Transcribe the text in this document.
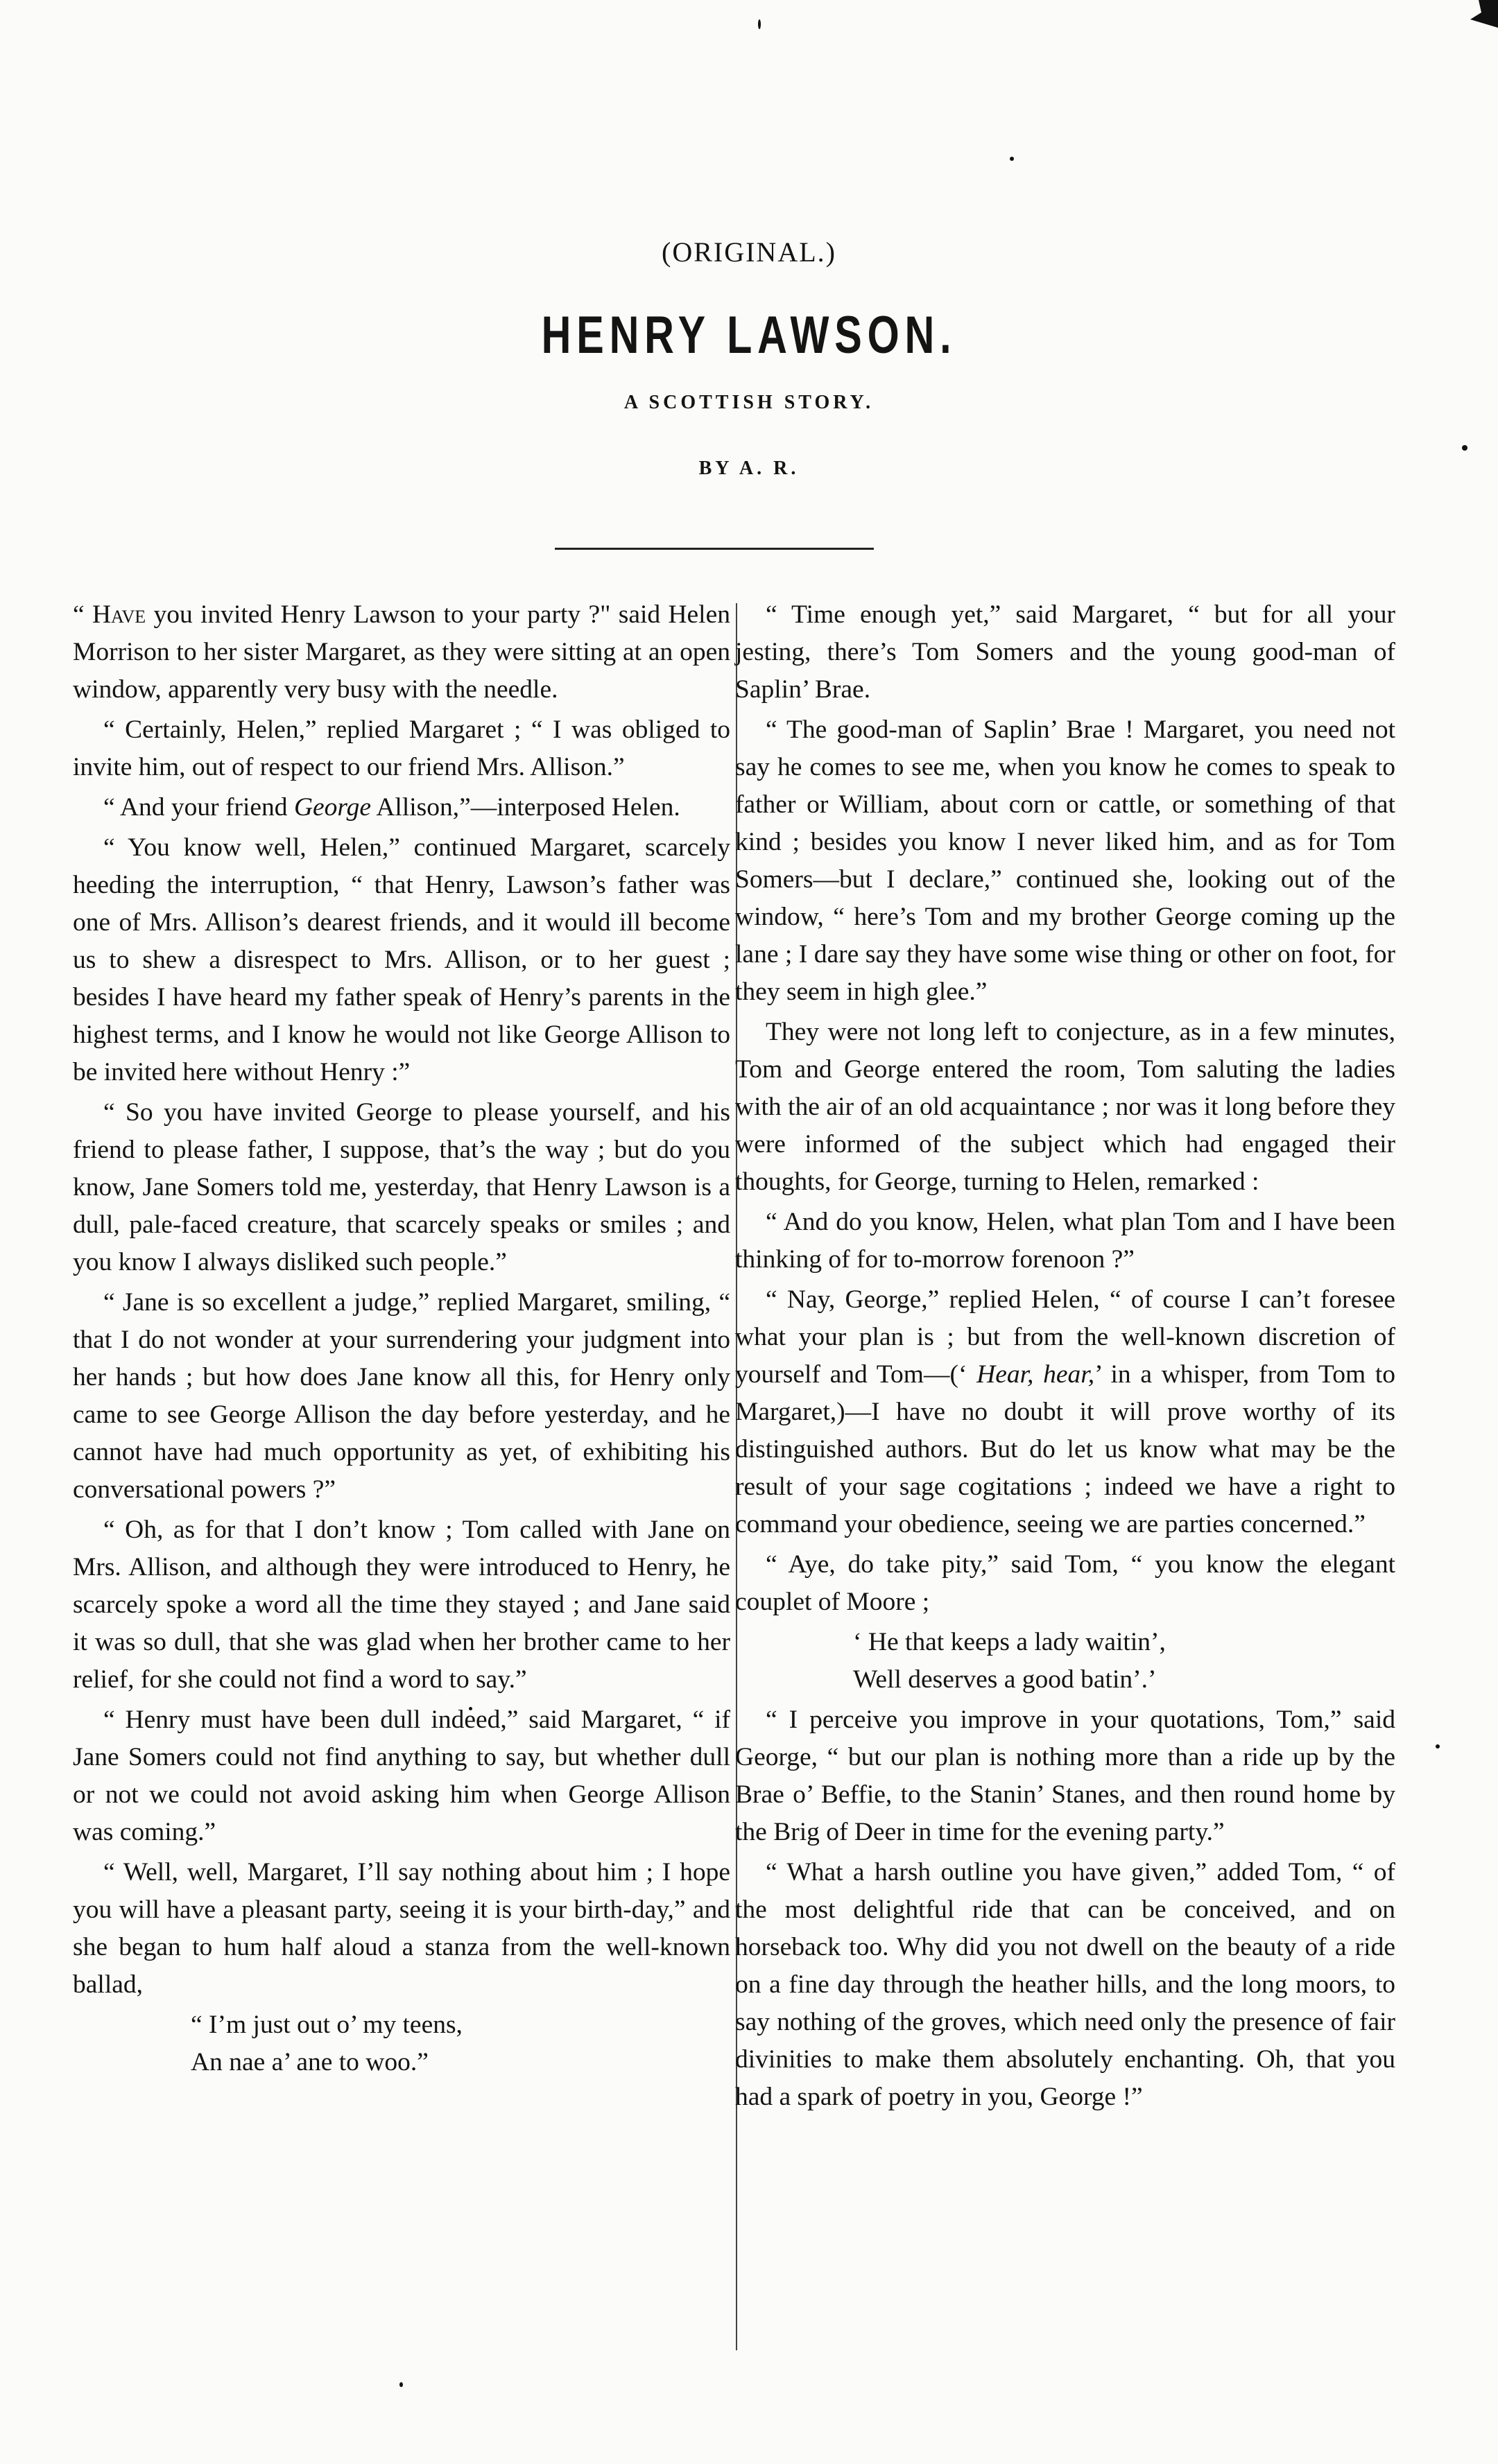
(ORIGINAL.)
HENRY LAWSON.
A SCOTTISH STORY.
BY A. R.

“ Have you invited Henry Lawson to your party ?" said Helen Morrison to her sister Margaret, as they were sitting at an open window, apparently very busy with the needle.

“ Certainly, Helen,” replied Margaret ; “ I was obliged to invite him, out of respect to our friend Mrs. Allison.”

“ And your friend George Allison,”—interposed Helen.

“ You know well, Helen,” continued Margaret, scarcely heeding the interruption, “ that Henry, Lawson’s father was one of Mrs. Allison’s dearest friends, and it would ill become us to shew a disrespect to Mrs. Allison, or to her guest ; besides I have heard my father speak of Henry’s parents in the highest terms, and I know he would not like George Allison to be invited here without Henry :”

“ So you have invited George to please yourself, and his friend to please father, I suppose, that’s the way ; but do you know, Jane Somers told me, yesterday, that Henry Lawson is a dull, pale-faced creature, that scarcely speaks or smiles ; and you know I always disliked such people.”

“ Jane is so excellent a judge,” replied Margaret, smiling, “ that I do not wonder at your surrendering your judgment into her hands ; but how does Jane know all this, for Henry only came to see George Allison the day before yesterday, and he cannot have had much opportunity as yet, of exhibiting his conversational powers ?”

“ Oh, as for that I don’t know ; Tom called with Jane on Mrs. Allison, and although they were introduced to Henry, he scarcely spoke a word all the time they stayed ; and Jane said it was so dull, that she was glad when her brother came to her relief, for she could not find a word to say.”

“ Henry must have been dull indeed,” said Margaret, “ if Jane Somers could not find anything to say, but whether dull or not we could not avoid asking him when George Allison was coming.”

“ Well, well, Margaret, I’ll say nothing about him ; I hope you will have a pleasant party, seeing it is your birth-day,” and she began to hum half aloud a stanza from the well-known ballad,

“ I’m just out o’ my teens,
An nae a’ ane to woo.”

“ Time enough yet,” said Margaret, “ but for all your jesting, there’s Tom Somers and the young good-man of Saplin’ Brae.

“ The good-man of Saplin’ Brae ! Margaret, you need not say he comes to see me, when you know he comes to speak to father or William, about corn or cattle, or something of that kind ; besides you know I never liked him, and as for Tom Somers—but I declare,” continued she, looking out of the window, “ here’s Tom and my brother George coming up the lane ; I dare say they have some wise thing or other on foot, for they seem in high glee.”

They were not long left to conjecture, as in a few minutes, Tom and George entered the room, Tom saluting the ladies with the air of an old acquaintance ; nor was it long before they were informed of the subject which had engaged their thoughts, for George, turning to Helen, remarked :

“ And do you know, Helen, what plan Tom and I have been thinking of for to-morrow forenoon ?”

“ Nay, George,” replied Helen, “ of course I can’t foresee what your plan is ; but from the well-known discretion of yourself and Tom—(‘ Hear, hear,’ in a whisper, from Tom to Margaret,)—I have no doubt it will prove worthy of its distinguished authors. But do let us know what may be the result of your sage cogitations ; indeed we have a right to command your obedience, seeing we are parties concerned.”

“ Aye, do take pity,” said Tom, “ you know the elegant couplet of Moore ;

‘ He that keeps a lady waitin’,
Well deserves a good batin’.’

“ I perceive you improve in your quotations, Tom,” said George, “ but our plan is nothing more than a ride up by the Brae o’ Beffie, to the Stanin’ Stanes, and then round home by the Brig of Deer in time for the evening party.”

“ What a harsh outline you have given,” added Tom, “ of the most delightful ride that can be conceived, and on horseback too. Why did you not dwell on the beauty of a ride on a fine day through the heather hills, and the long moors, to say nothing of the groves, which need only the presence of fair divinities to make them absolutely enchanting. Oh, that you had a spark of poetry in you, George !”
